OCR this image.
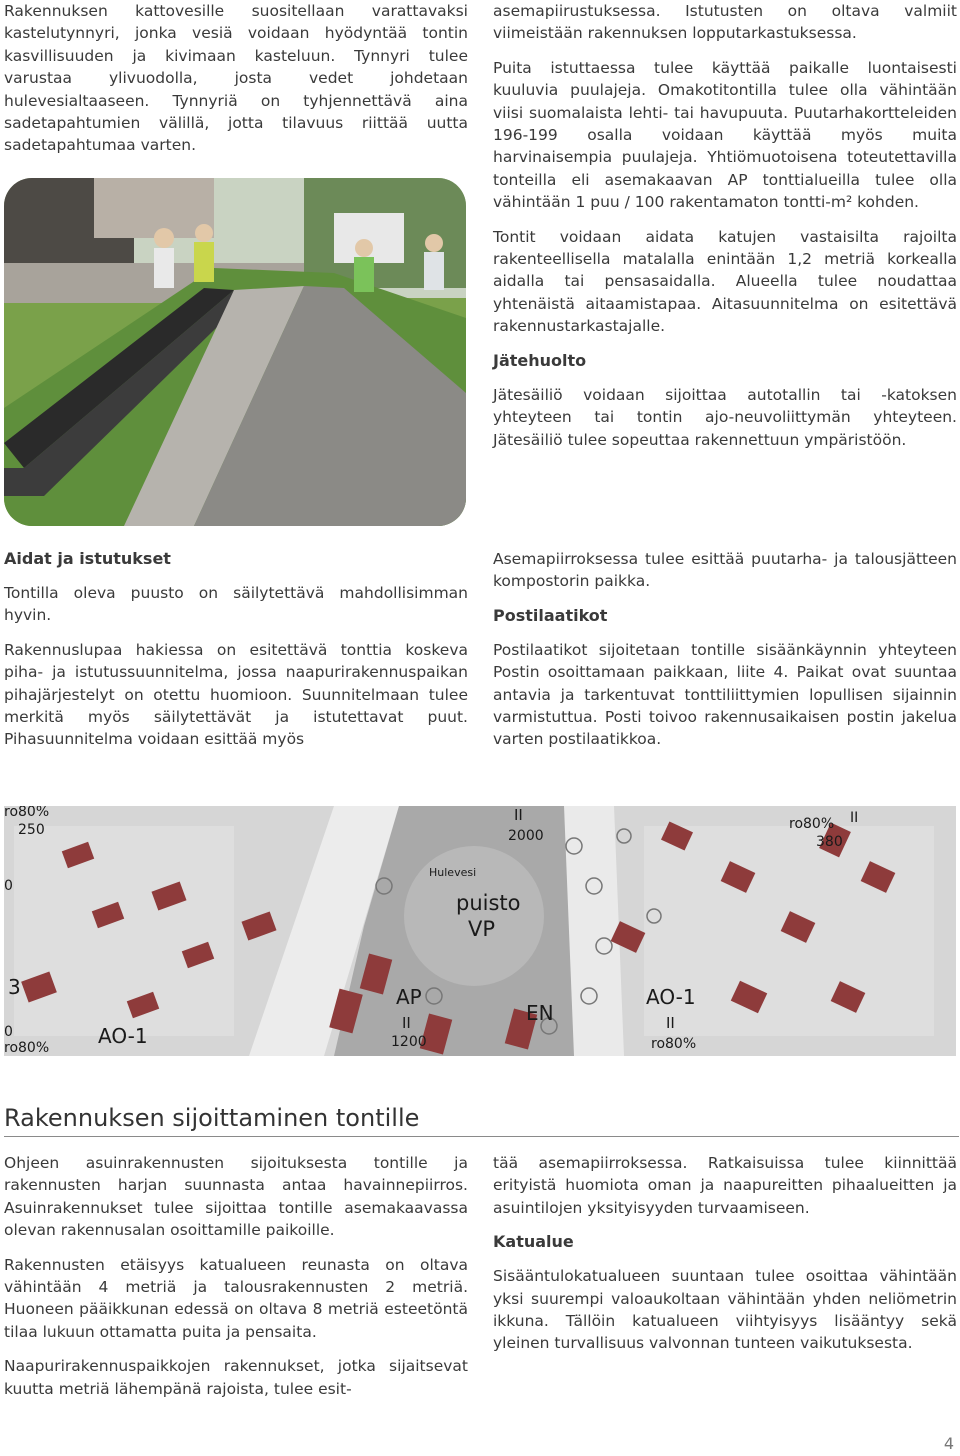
Rakennuksen kattovesille suositellaan varattavaksi kastelutynnyri, jonka vesiä voidaan hyödyntää tontin kasvillisuuden ja kivimaan kasteluun. Tynnyri tulee varustaa ylivuodolla, josta vedet johdetaan hulevesialtaaseen. Tynnyriä on tyhjennettävä aina sadetapahtumien välillä, jotta tilavuus riittää uutta sadetapahtumaa varten.

asemapiirustuksessa. Istutusten on oltava valmiit viimeistään rakennuksen lopputarkastuksessa.

Puita istuttaessa tulee käyttää paikalle luontaisesti kuuluvia puulajeja. Omakotitontilla tulee olla vähintään viisi suomalaista lehti- tai havupuuta. Puutarhakortteleiden 196-199 osalla voidaan käyttää myös muita harvinaisempia puulajeja. Yhtiömuotoisena toteutettavilla tonteilla eli asemakaavan AP tonttialueilla tulee olla vähintään 1 puu / 100 rakentamaton tontti-m² kohden.

Tontit voidaan aidata katujen vastaisilta rajoilta rakenteellisella matalalla enintään 1,2 metriä korkealla aidalla tai pensasaidalla. Alueella tulee noudattaa yhtenäistä aitaamistapaa. Aitasuunnitelma on esitettävä rakennustarkastajalle.

Jätehuolto

Jätesäiliö voidaan sijoittaa autotallin tai -katoksen yhteyteen tai tontin ajo-neuvoliittymän yhteyteen. Jätesäiliö tulee sopeuttaa rakennettuun ympäristöön.

Aidat ja istutukset

Tontilla oleva puusto on säilytettävä mahdollisimman hyvin.

Rakennuslupaa hakiessa on esitettävä tonttia koskeva piha- ja istutussuunnitelma, jossa naapurirakennuspaikan pihajärjestelyt on otettu huomioon. Suunnitelmaan tulee merkitä myös säilytettävät ja istutettavat puut. Pihasuunnitelma voidaan esittää myös

Asemapiirroksessa tulee esittää puutarha- ja talousjätteen kompostorin paikka.

Postilaatikot

Postilaatikot sijoitetaan tontille sisäänkäynnin yhteyteen Postin osoittamaan paikkaan, liite 4. Paikat ovat suuntaa antavia ja tarkentuvat tonttiliittymien lopullisen sijainnin varmistuttua. Posti toivoo rakennusaikaisen postin jakelua varten postilaatikkoa.

ro80%
250
0
II
2000
Hulevesi
puisto
VP
ro80% II
380
3
0
ro80% AO-1
AP
II
1200
EN
AO-1
II
ro80%
Rakennuksen sijoittaminen tontille

Ohjeen asuinrakennusten sijoituksesta tontille ja rakennusten harjan suunnasta antaa havainnepiirros. Asuinrakennukset tulee sijoittaa tontille asemakaavassa olevan rakennusalan osoittamille paikoille.

Rakennusten etäisyys katualueen reunasta on oltava vähintään 4 metriä ja talousrakennusten 2 metriä. Huoneen pääikkunan edessä on oltava 8 metriä esteetöntä tilaa lukuun ottamatta puita ja pensaita.

Naapurirakennuspaikkojen rakennukset, jotka sijaitsevat kuutta metriä lähempänä rajoista, tulee esit-

tää asemapiirroksessa. Ratkaisuissa tulee kiinnittää erityistä huomiota oman ja naapureitten pihaalueitten ja asuintilojen yksityisyyden turvaamiseen.

Katualue

Sisääntulokatualueen suuntaan tulee osoittaa vähintään yksi suurempi valoaukoltaan vähintään yhden neliömetrin ikkuna. Tällöin katualueen viihtyisyys lisääntyy sekä yleinen turvallisuus valvonnan tunteen vaikutuksesta.

4
